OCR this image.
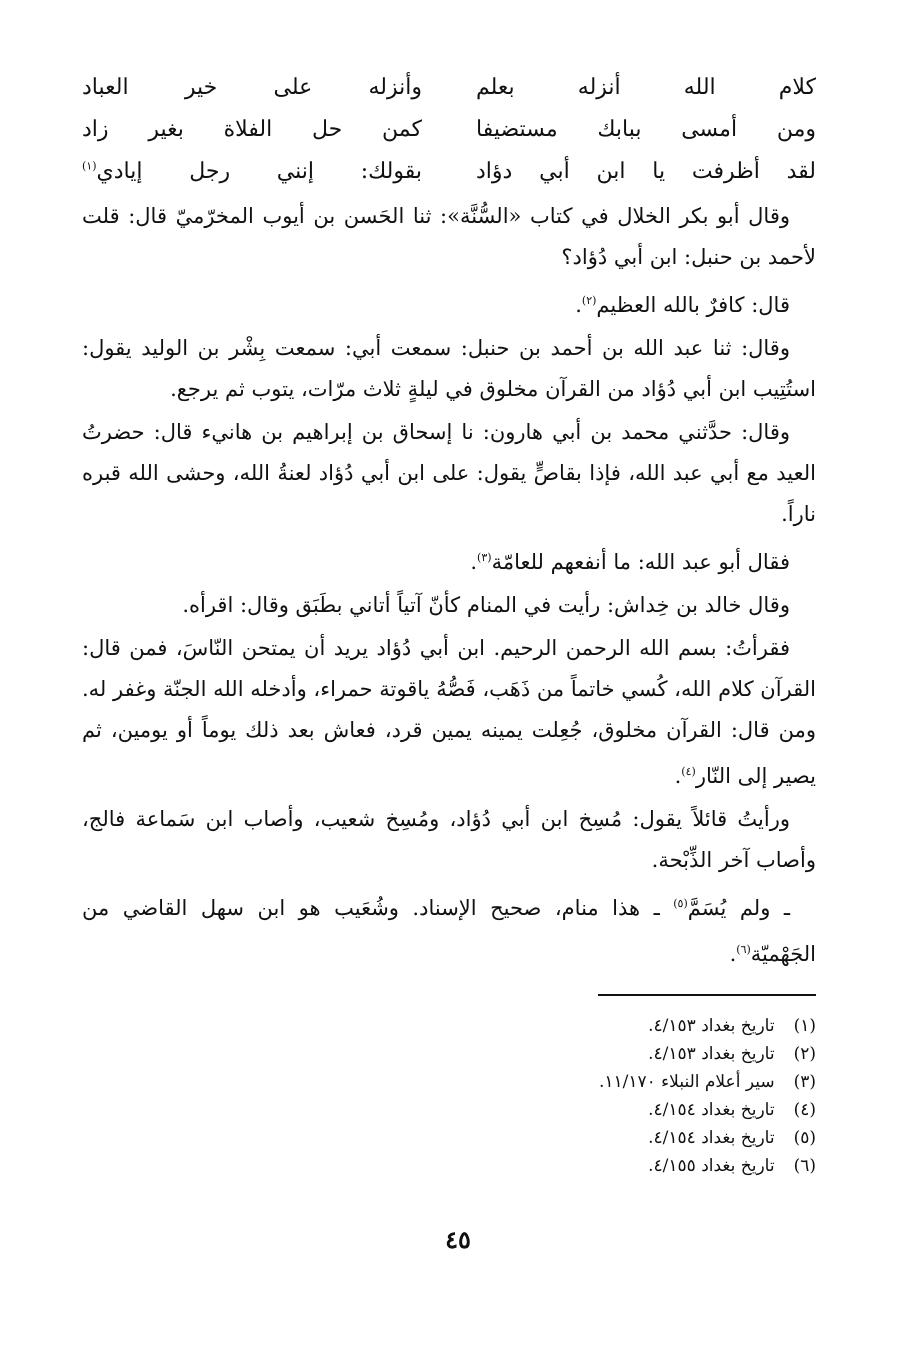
كلام الله أنزله بعلم
وأنزله على خير العباد
ومن أمسى ببابك مستضيفا
كمن حل الفلاة بغير زاد
لقد أظرفت يا ابن أبي دؤاد
بقولك: إنني رجل إيادي$^{(١)}$

وقال أبو بكر الخلال في كتاب «السُّنَّة»: ثنا الحَسن بن أيوب المخرّميّ قال: قلت لأحمد بن حنبل: ابن أبي دُؤاد؟

قال: كافرٌ بالله العظيم$^{(٢)}$.

وقال: ثنا عبد الله بن أحمد بن حنبل: سمعت أبي: سمعت بِشْر بن الوليد يقول: استُتِيب ابن أبي دُؤاد من القرآن مخلوق في ليلةٍ ثلاث مرّات، يتوب ثم يرجع.

وقال: حدَّثني محمد بن أبي هارون: نا إسحاق بن إبراهيم بن هانيء قال: حضرتُ العيد مع أبي عبد الله، فإذا بقاصٍّ يقول: على ابن أبي دُؤاد لعنةُ الله، وحشى الله قبره ناراً.

فقال أبو عبد الله: ما أنفعهم للعامّة$^{(٣)}$.

وقال خالد بن خِداش: رأيت في المنام كأنّ آتياً أتاني بطَبَق وقال: اقرأه.

فقرأتُ: بسم الله الرحمن الرحيم. ابن أبي دُؤاد يريد أن يمتحن النّاسَ، فمن قال: القرآن كلام الله، كُسي خاتماً من ذَهَب، فَصُّهُ ياقوتة حمراء، وأدخله الله الجنّة وغفر له. ومن قال: القرآن مخلوق، جُعِلت يمينه يمين قرد، فعاش بعد ذلك يوماً أو يومين، ثم يصير إلى النّار$^{(٤)}$.

ورأيتُ قائلاً يقول: مُسِخ ابن أبي دُؤاد، ومُسِخ شعيب، وأصاب ابن سَماعة فالج، وأصاب آخر الذِّبْحة.

ـ ولم يُسَمَّ$^{(٥)}$ ـ هذا منام، صحيح الإسناد. وشُعَيب هو ابن سهل القاضي من الجَهْميّة$^{(٦)}$.

(١) تاريخ بغداد ٤/١٥٣.
(٢) تاريخ بغداد ٤/١٥٣.
(٣) سير أعلام النبلاء ١١/١٧٠.
(٤) تاريخ بغداد ٤/١٥٤.
(٥) تاريخ بغداد ٤/١٥٤.
(٦) تاريخ بغداد ٤/١٥٥.
٤٥
